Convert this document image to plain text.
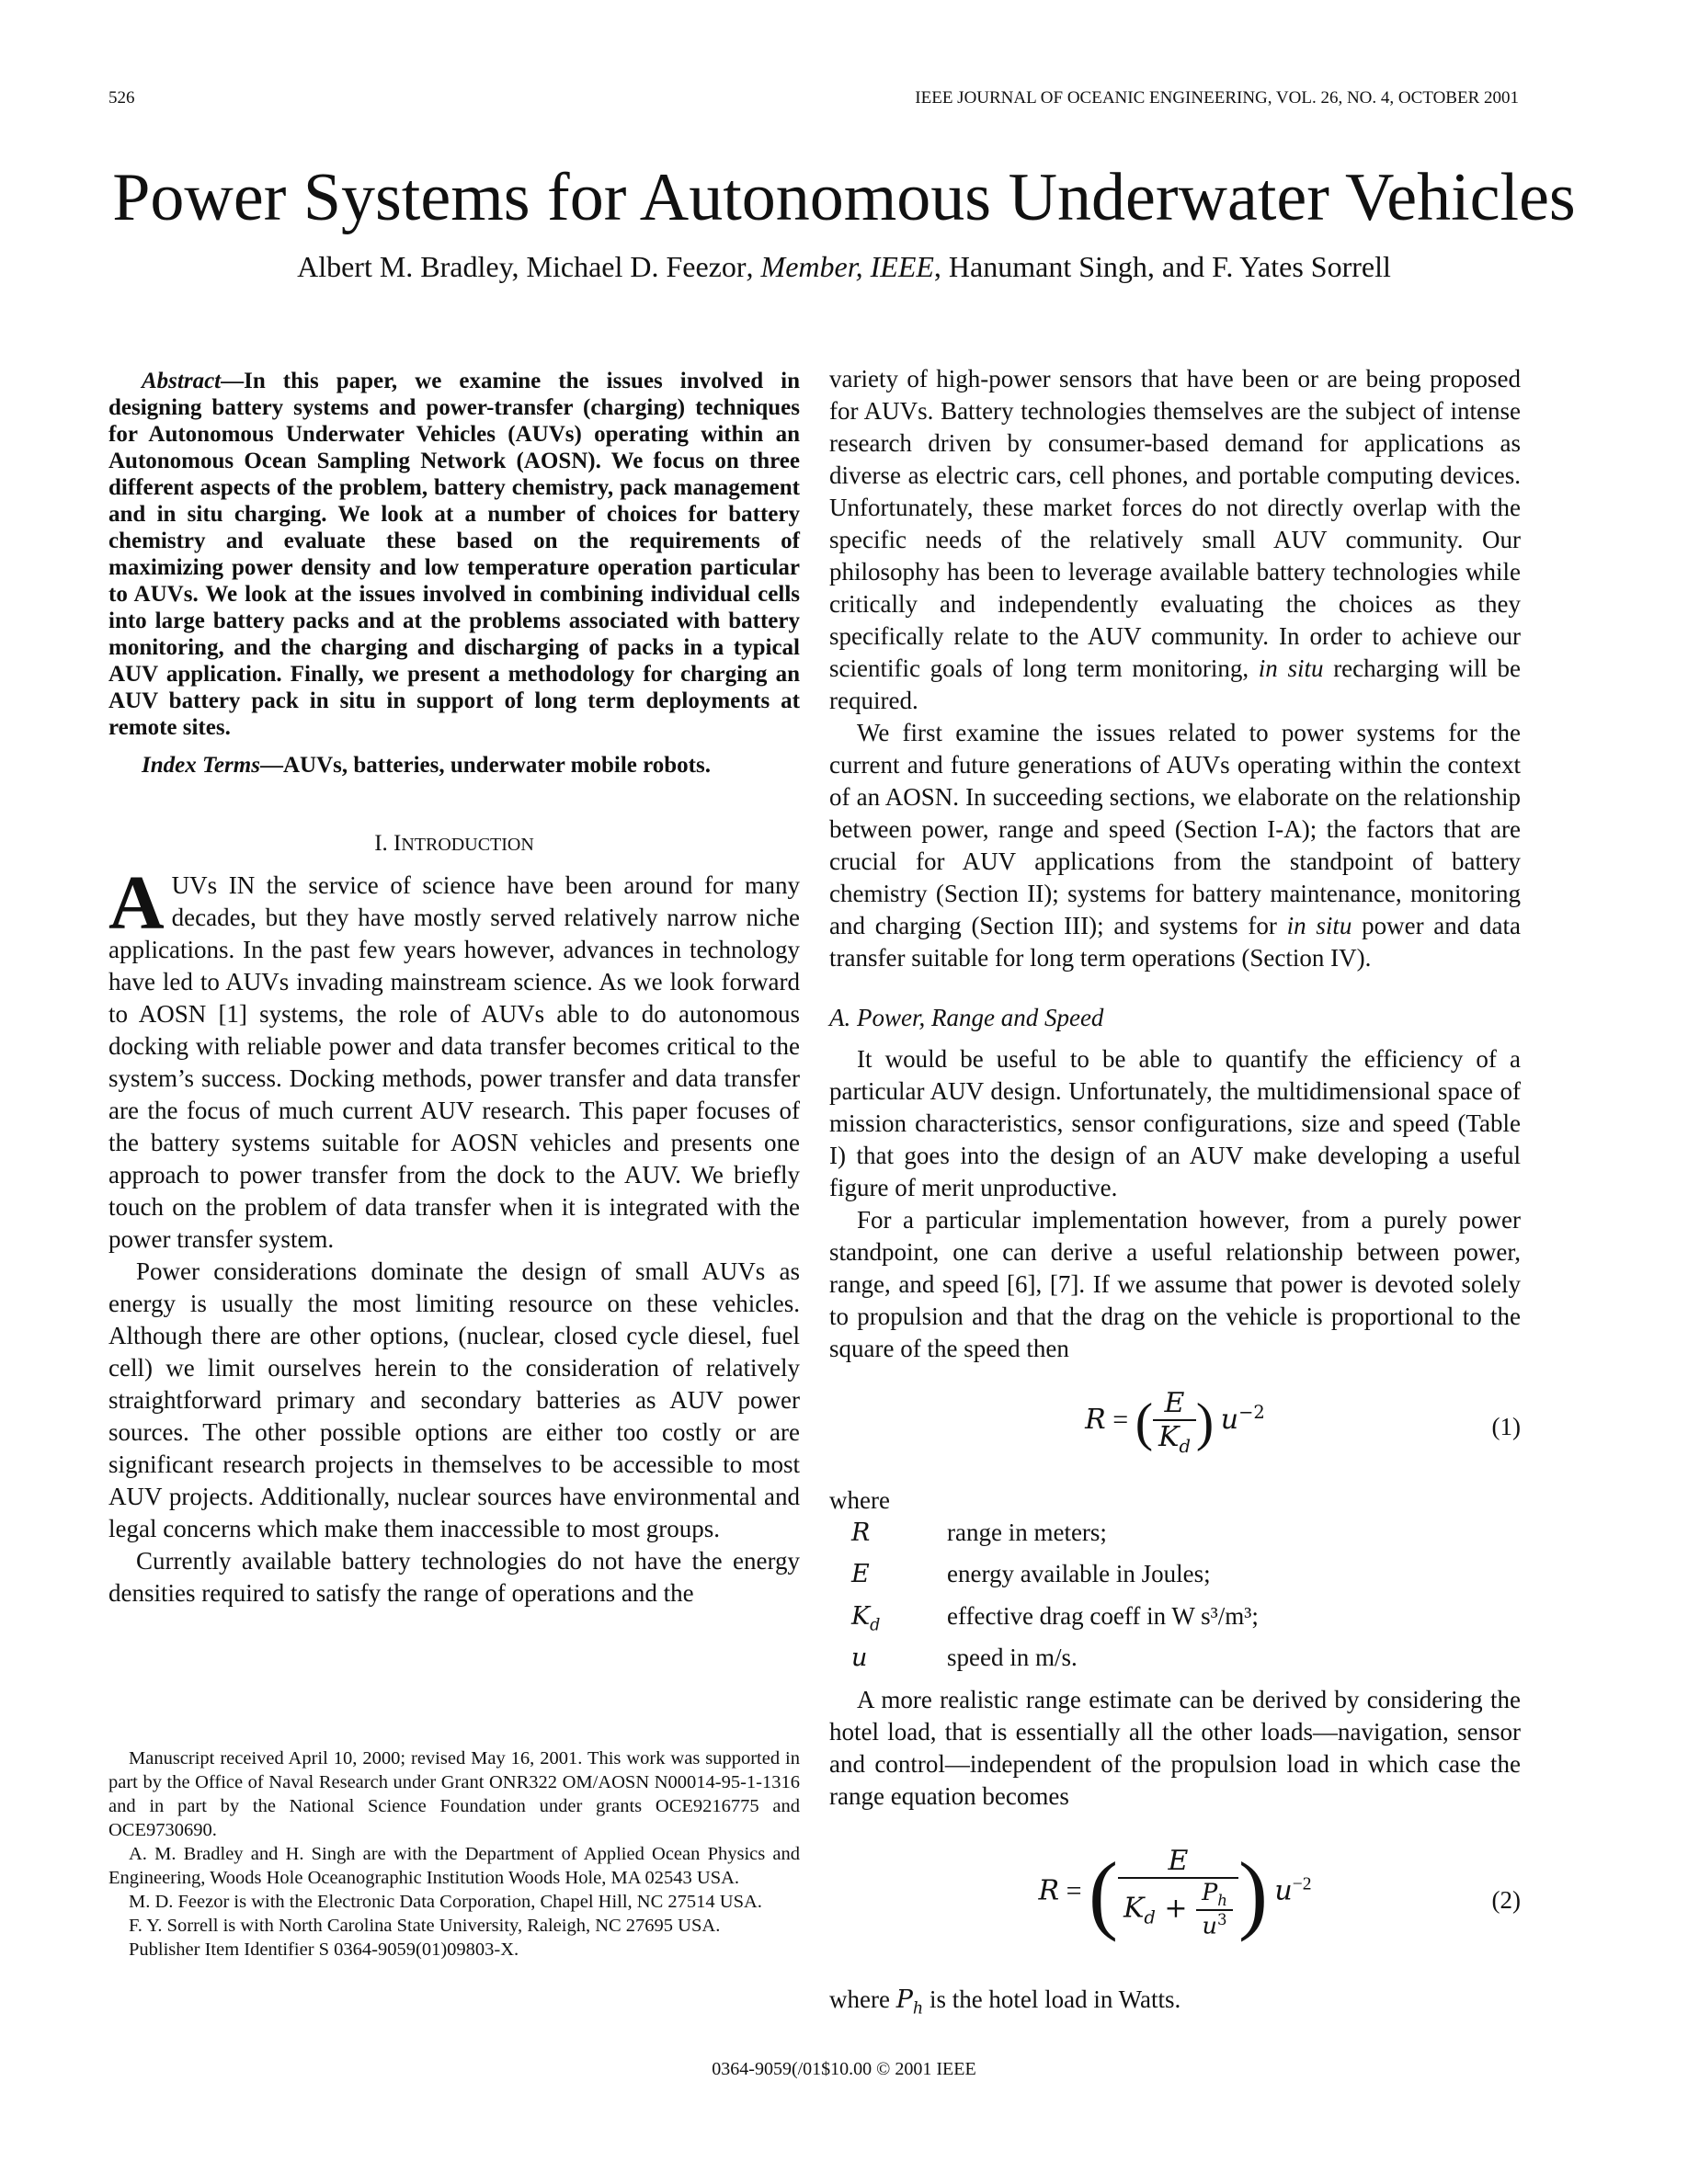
526	IEEE JOURNAL OF OCEANIC ENGINEERING, VOL. 26, NO. 4, OCTOBER 2001
Power Systems for Autonomous Underwater Vehicles
Albert M. Bradley, Michael D. Feezor, Member, IEEE, Hanumant Singh, and F. Yates Sorrell

Abstract—In this paper, we examine the issues involved in designing battery systems and power-transfer (charging) techniques for Autonomous Underwater Vehicles (AUVs) operating within an Autonomous Ocean Sampling Network (AOSN). We focus on three different aspects of the problem, battery chemistry, pack management and in situ charging. We look at a number of choices for battery chemistry and evaluate these based on the requirements of maximizing power density and low temperature operation particular to AUVs. We look at the issues involved in combining individual cells into large battery packs and at the problems associated with battery monitoring, and the charging and discharging of packs in a typical AUV application. Finally, we present a methodology for charging an AUV battery pack in situ in support of long term deployments at remote sites.

Index Terms—AUVs, batteries, underwater mobile robots.

I. INTRODUCTION

A UVs IN the service of science have been around for many decades, but they have mostly served relatively narrow niche applications. In the past few years however, advances in technology have led to AUVs invading mainstream science. As we look forward to AOSN [1] systems, the role of AUVs able to do autonomous docking with reliable power and data transfer becomes critical to the system’s success. Docking methods, power transfer and data transfer are the focus of much current AUV research. This paper focuses of the battery systems suitable for AOSN vehicles and presents one approach to power transfer from the dock to the AUV. We briefly touch on the problem of data transfer when it is integrated with the power transfer system.

Power considerations dominate the design of small AUVs as energy is usually the most limiting resource on these vehicles. Although there are other options, (nuclear, closed cycle diesel, fuel cell) we limit ourselves herein to the consideration of relatively straightforward primary and secondary batteries as AUV power sources. The other possible options are either too costly or are significant research projects in themselves to be accessible to most AUV projects. Additionally, nuclear sources have environmental and legal concerns which make them inaccessible to most groups.

Currently available battery technologies do not have the energy densities required to satisfy the range of operations and the

Manuscript received April 10, 2000; revised May 16, 2001. This work was supported in part by the Office of Naval Research under Grant ONR322 OM/AOSN N00014-95-1-1316 and in part by the National Science Foundation under grants OCE9216775 and OCE9730690.

A. M. Bradley and H. Singh are with the Department of Applied Ocean Physics and Engineering, Woods Hole Oceanographic Institution Woods Hole, MA 02543 USA.

M. D. Feezor is with the Electronic Data Corporation, Chapel Hill, NC 27514 USA.

F. Y. Sorrell is with North Carolina State University, Raleigh, NC 27695 USA.

Publisher Item Identifier S 0364-9059(01)09803-X.

variety of high-power sensors that have been or are being proposed for AUVs. Battery technologies themselves are the subject of intense research driven by consumer-based demand for applications as diverse as electric cars, cell phones, and portable computing devices. Unfortunately, these market forces do not directly overlap with the specific needs of the relatively small AUV community. Our philosophy has been to leverage available battery technologies while critically and independently evaluating the choices as they specifically relate to the AUV community. In order to achieve our scientific goals of long term monitoring, in situ recharging will be required.

We first examine the issues related to power systems for the current and future generations of AUVs operating within the context of an AOSN. In succeeding sections, we elaborate on the relationship between power, range and speed (Section I-A); the factors that are crucial for AUV applications from the standpoint of battery chemistry (Section II); systems for battery maintenance, monitoring and charging (Section III); and systems for in situ power and data transfer suitable for long term operations (Section IV).

A. Power, Range and Speed

It would be useful to be able to quantify the efficiency of a particular AUV design. Unfortunately, the multidimensional space of mission characteristics, sensor configurations, size and speed (Table I) that goes into the design of an AUV make developing a useful figure of merit unproductive.

For a particular implementation however, from a purely power standpoint, one can derive a useful relationship between power, range, and speed [6], [7]. If we assume that power is devoted solely to propulsion and that the drag on the vehicle is proportional to the square of the speed then

R = ( $\frac{E}{K_d}$ ) $u^{-2}$
(1)

where

R	range in meters;
E	energy available in Joules;
$K_d$	effective drag coeff in W s³/m³;
u	speed in m/s.

A more realistic range estimate can be derived by considering the hotel load, that is essentially all the other loads—navigation, sensor and control—independent of the propulsion load in which case the range equation becomes

R = ( $\frac{E}{K_d + \frac{P_h}{u^3}}$ ) $u^{-2}$
(2)

where $P_h$ is the hotel load in Watts.

0364-9059(/01$10.00 © 2001 IEEE
